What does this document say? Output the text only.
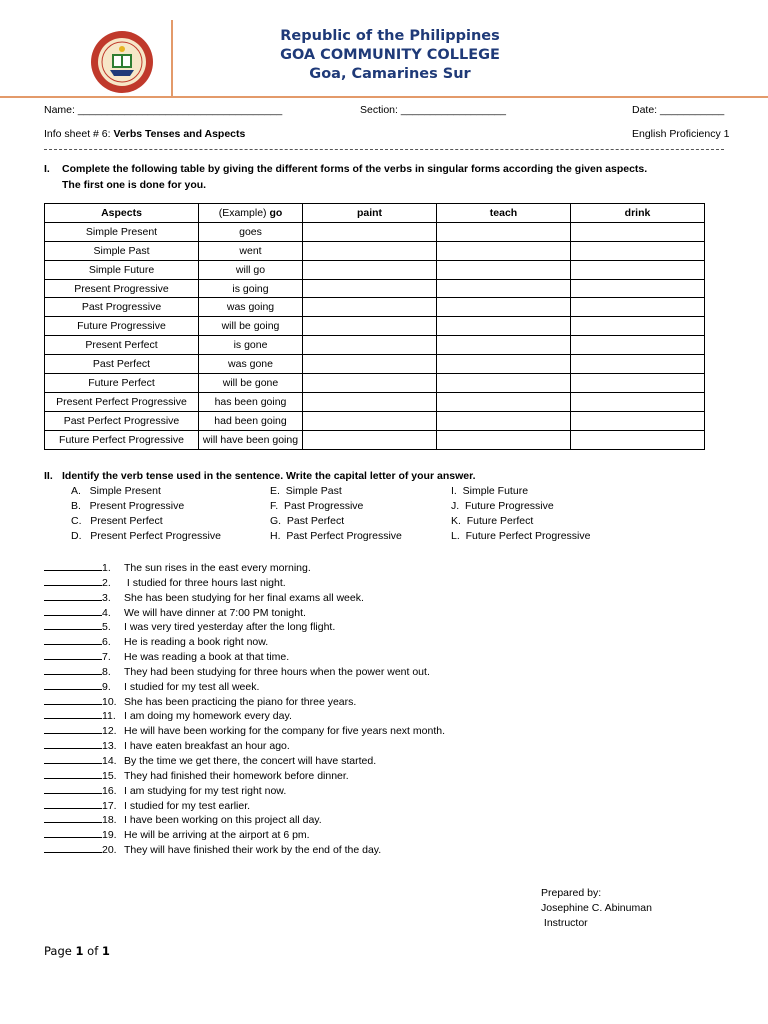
Republic of the Philippines
GOA COMMUNITY COLLEGE
Goa, Camarines Sur
Name: ___________________________________	Section: __________________	Date: ___________
Info sheet # 6: Verbs Tenses and Aspects	English Proficiency 1
I. Complete the following table by giving the different forms of the verbs in singular forms according the given aspects.
The first one is done for you.
Aspects	(Example) go	paint	teach	drink
Simple Present	goes			
Simple Past	went			
Simple Future	will go			
Present Progressive	is going			
Past Progressive	was going			
Future Progressive	will be going			
Present Perfect	is gone			
Past Perfect	was gone			
Future Perfect	will be gone			
Present Perfect Progressive	has been going			
Past Perfect Progressive	had been going			
Future Perfect Progressive	will have been going			
II. Identify the verb tense used in the sentence. Write the capital letter of your answer.
A.   Simple Present
B.   Present Progressive
C.   Present Perfect
D.   Present Perfect Progressive
E.  Simple Past
F.  Past Progressive
G.  Past Perfect
H.  Past Perfect Progressive
I.  Simple Future
J.  Future Progressive
K.  Future Perfect
L.  Future Perfect Progressive
1. The sun rises in the east every morning.
2. I studied for three hours last night.
3. She has been studying for her final exams all week.
4. We will have dinner at 7:00 PM tonight.
5. I was very tired yesterday after the long flight.
6. He is reading a book right now.
7. He was reading a book at that time.
8. They had been studying for three hours when the power went out.
9. I studied for my test all week.
10. She has been practicing the piano for three years.
11. I am doing my homework every day.
12. He will have been working for the company for five years next month.
13. I have eaten breakfast an hour ago.
14. By the time we get there, the concert will have started.
15. They had finished their homework before dinner.
16. I am studying for my test right now.
17. I studied for my test earlier.
18. I have been working on this project all day.
19. He will be arriving at the airport at 6 pm.
20. They will have finished their work by the end of the day.
Prepared by:
Josephine C. Abinuman
Instructor
Page 1 of 1
